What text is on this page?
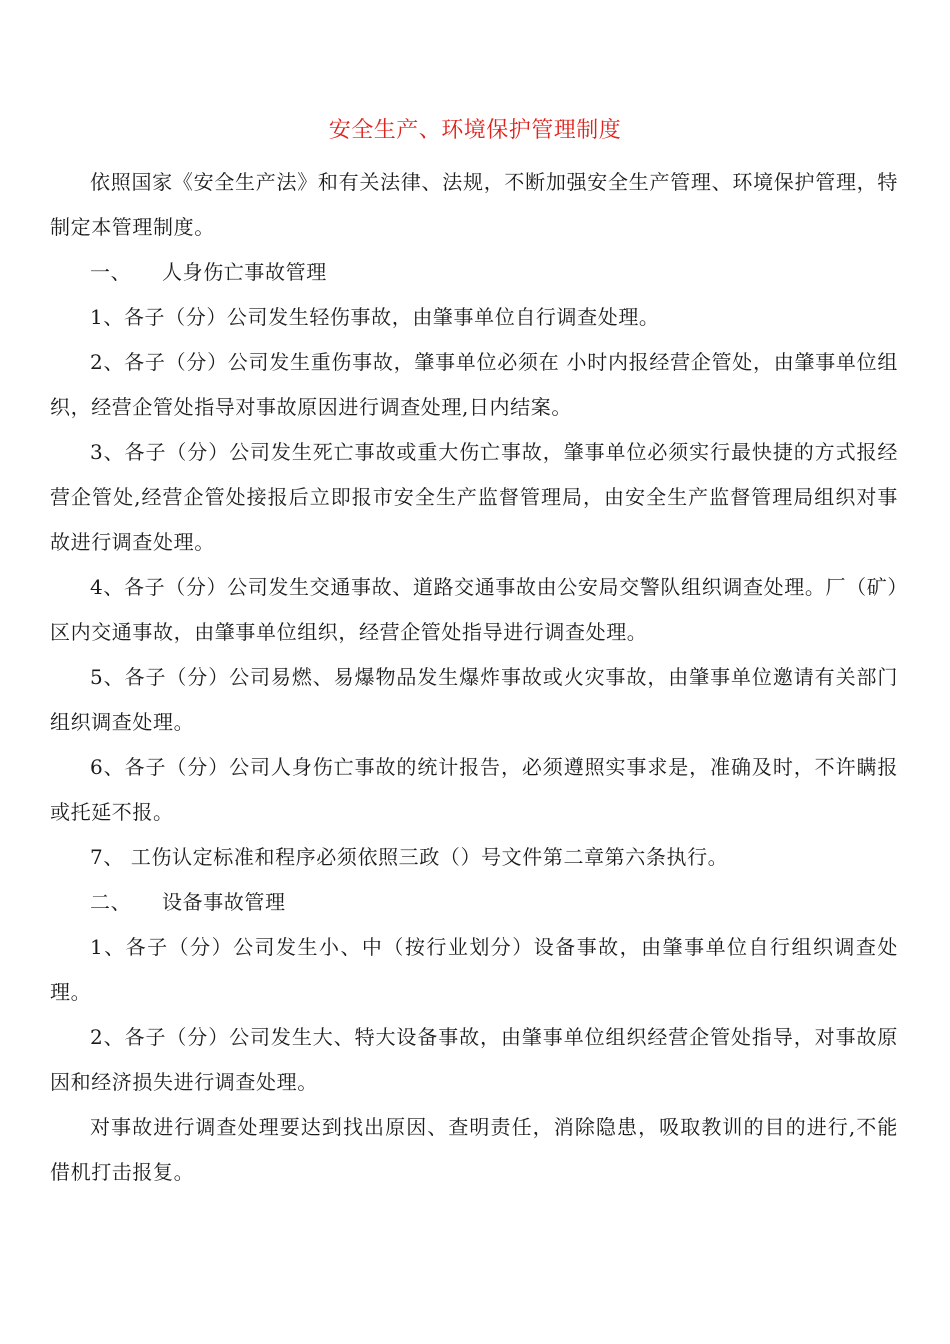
安全生产、环境保护管理制度

依照国家《安全生产法》和有关法律、法规，不断加强安全生产管理、环境保护管理，特制定本管理制度。

一、 人身伤亡事故管理

1、各子（分）公司发生轻伤事故，由肇事单位自行调查处理。

2、各子（分）公司发生重伤事故，肇事单位必须在 小时内报经营企管处，由肇事单位组织，经营企管处指导对事故原因进行调查处理,日内结案。

3、各子（分）公司发生死亡事故或重大伤亡事故，肇事单位必须实行最快捷的方式报经营企管处,经营企管处接报后立即报市安全生产监督管理局，由安全生产监督管理局组织对事故进行调查处理。

4、各子（分）公司发生交通事故、道路交通事故由公安局交警队组织调查处理。厂（矿）区内交通事故，由肇事单位组织，经营企管处指导进行调查处理。

5、各子（分）公司易燃、易爆物品发生爆炸事故或火灾事故，由肇事单位邀请有关部门组织调查处理。

6、各子（分）公司人身伤亡事故的统计报告，必须遵照实事求是，准确及时，不许瞒报或托延不报。

7、 工伤认定标准和程序必须依照三政（）号文件第二章第六条执行。

二、 设备事故管理

1、各子（分）公司发生小、中（按行业划分）设备事故，由肇事单位自行组织调查处理。

2、各子（分）公司发生大、特大设备事故，由肇事单位组织经营企管处指导，对事故原因和经济损失进行调查处理。

对事故进行调查处理要达到找出原因、查明责任，消除隐患，吸取教训的目的进行,不能借机打击报复。
